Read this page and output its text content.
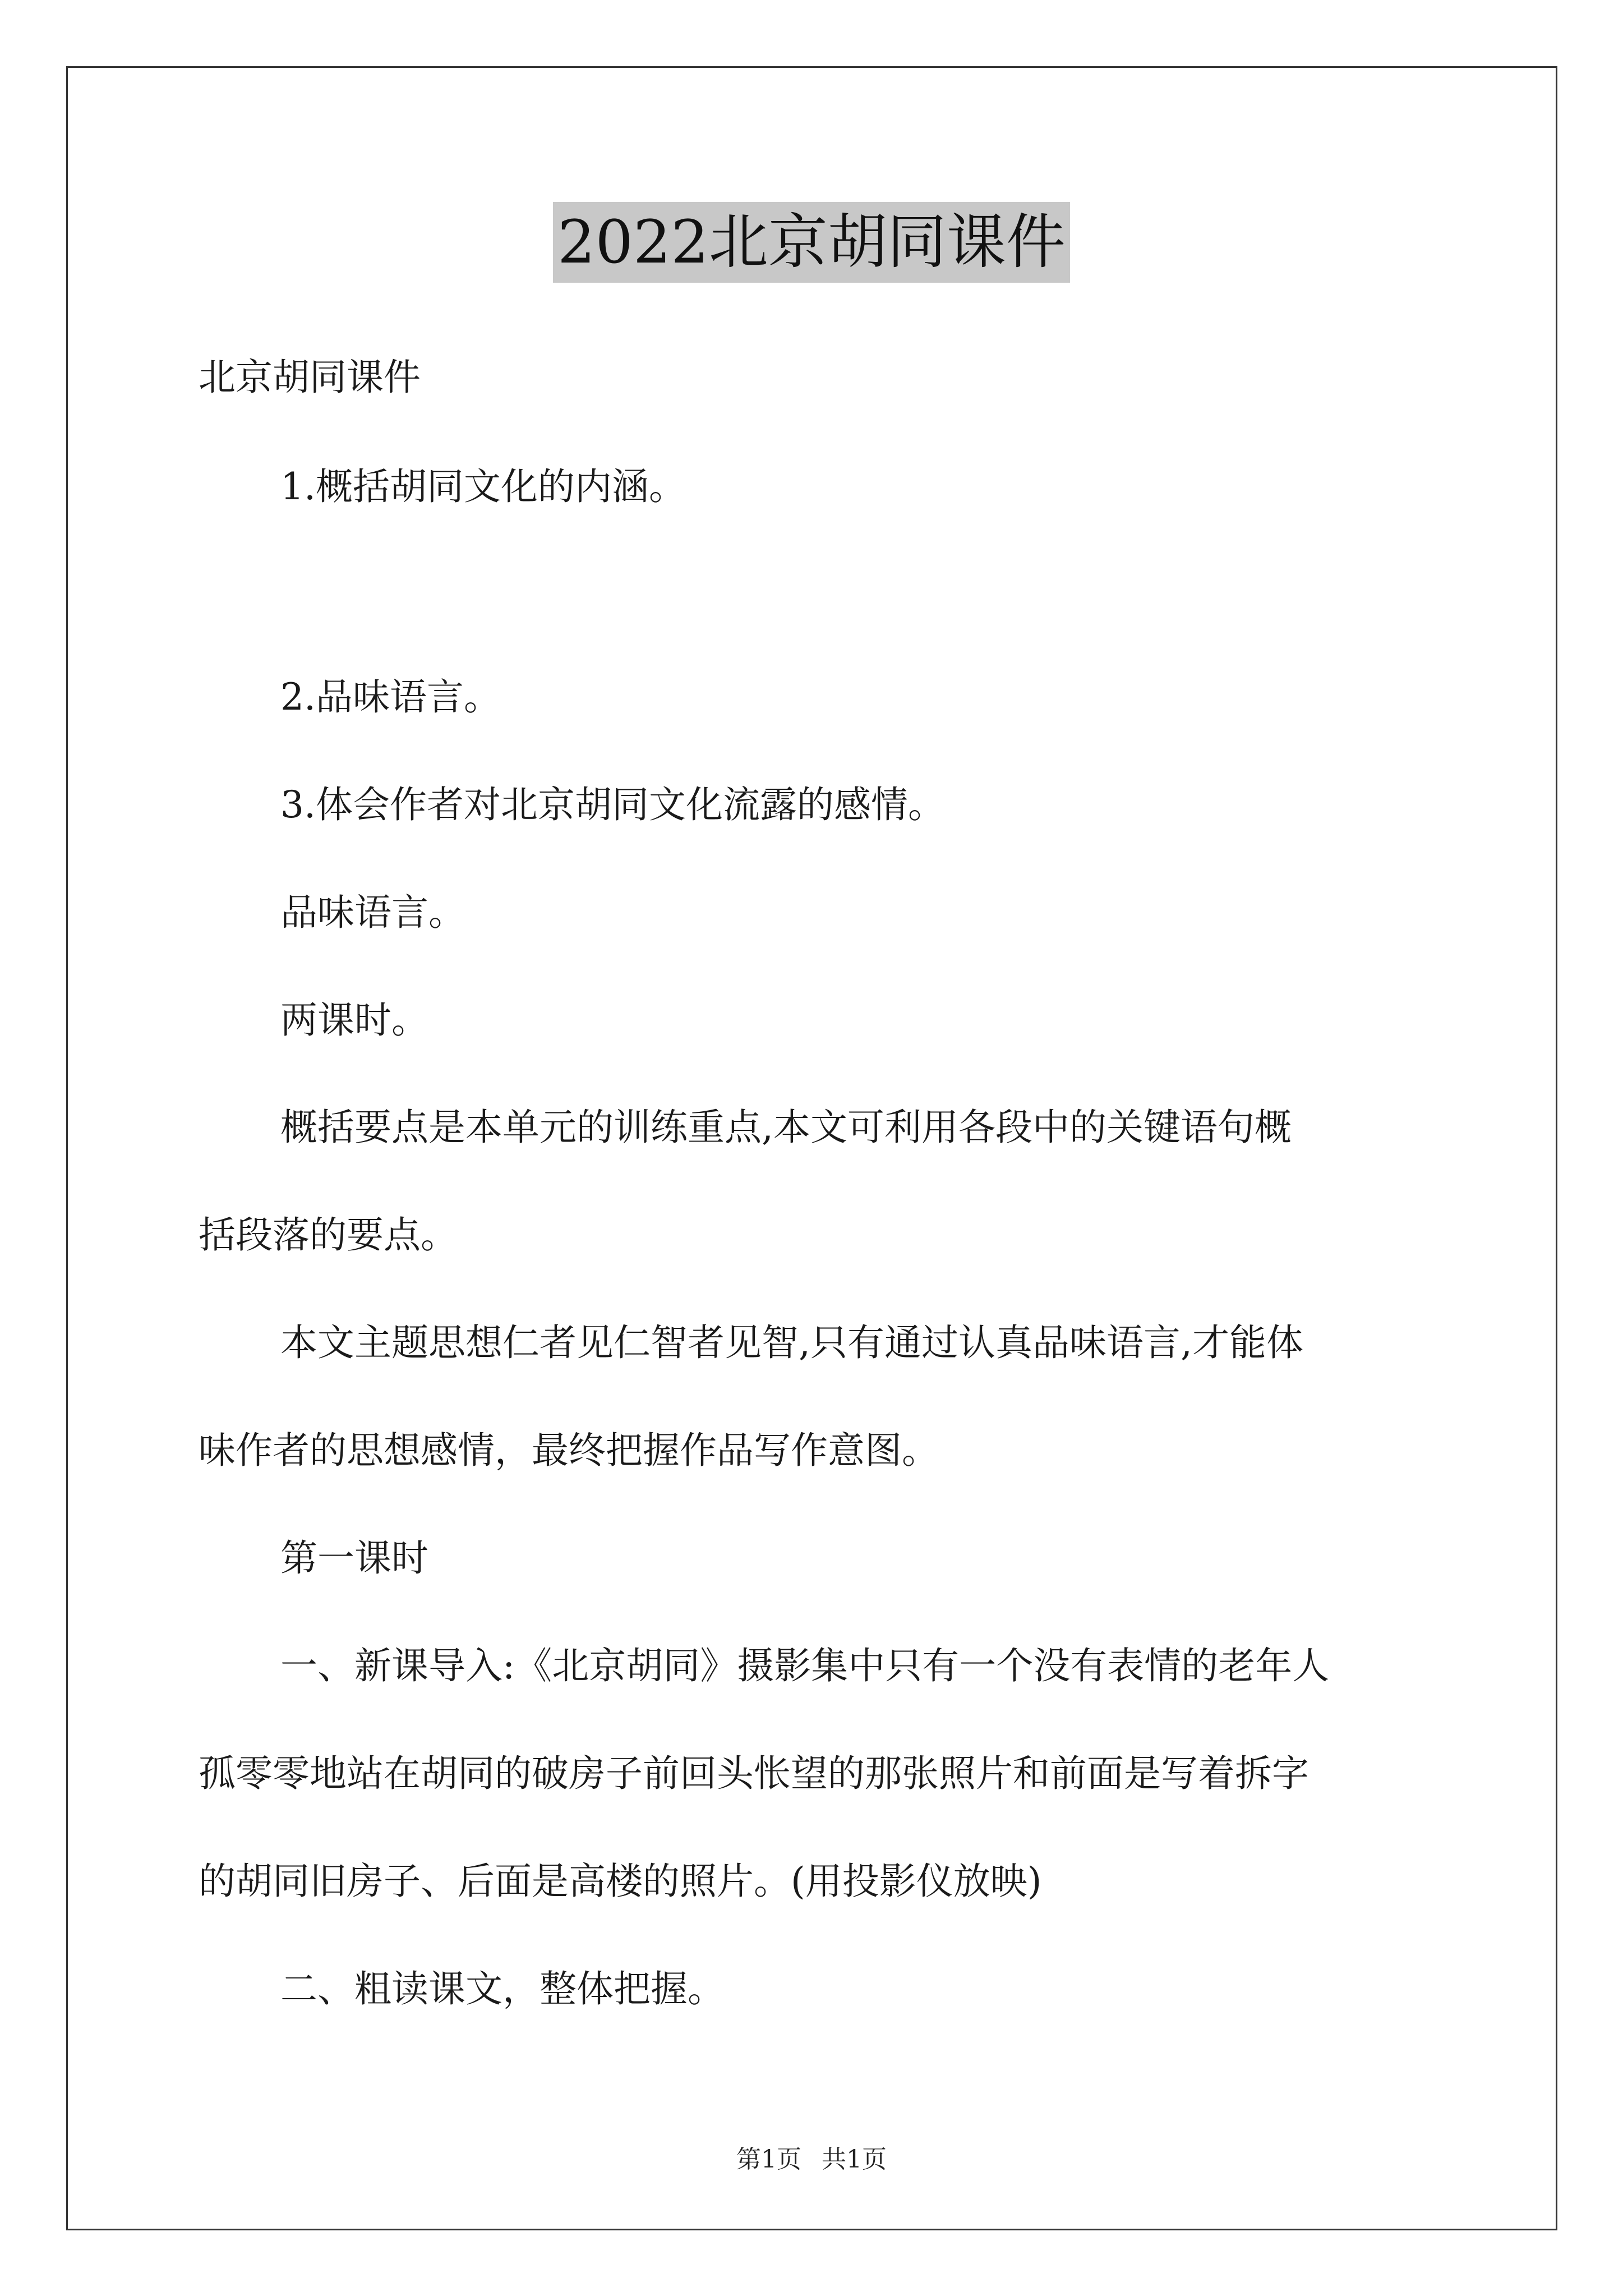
2022北京胡同课件
北京胡同课件
1.概括胡同文化的内涵。
2.品味语言。
3.体会作者对北京胡同文化流露的感情。
品味语言。
两课时。
概括要点是本单元的训练重点,本文可利用各段中的关键语句概
括段落的要点。
本文主题思想仁者见仁智者见智,只有通过认真品味语言,才能体
味作者的思想感情，最终把握作品写作意图。
第一课时
一、新课导入:《北京胡同》摄影集中只有一个没有表情的老年人
孤零零地站在胡同的破房子前回头怅望的那张照片和前面是写着拆字
的胡同旧房子、后面是高楼的照片。(用投影仪放映)
二、粗读课文，整体把握。
第1页 共1页
